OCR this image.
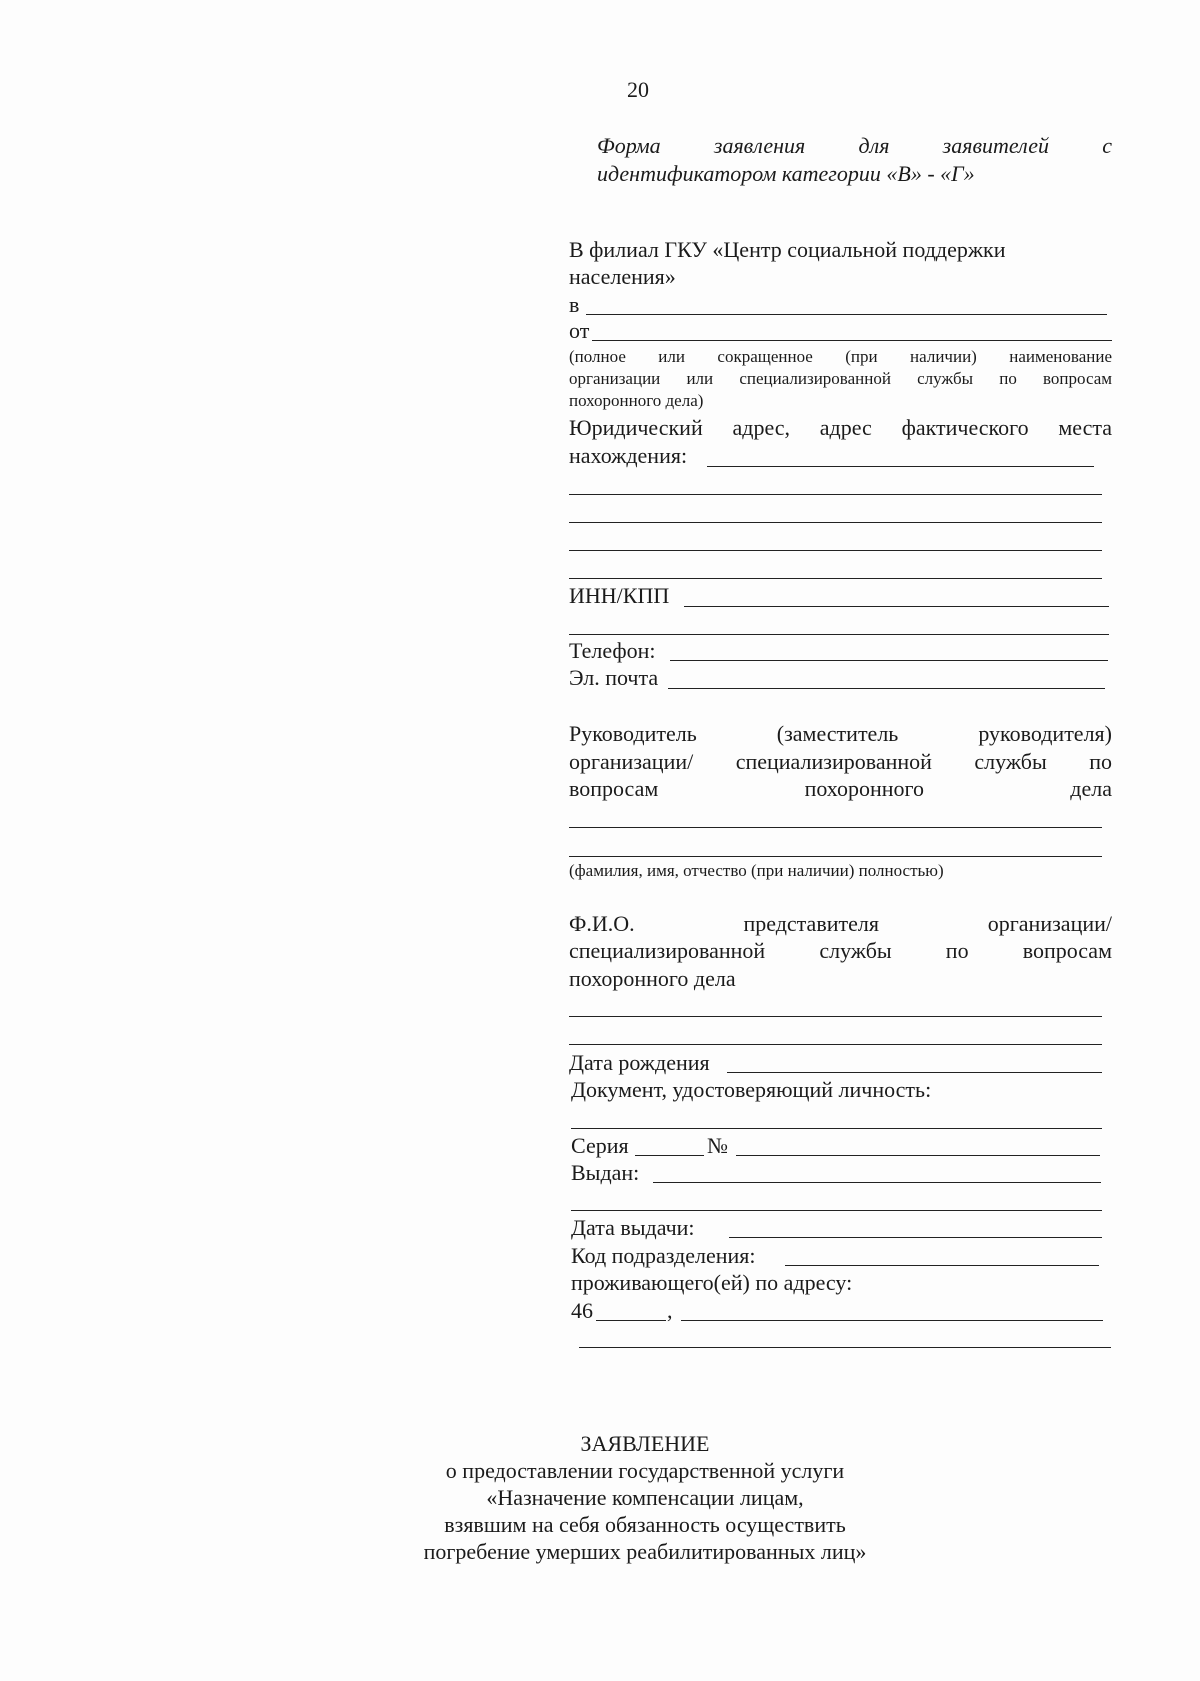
20
Форма заявления для заявителей с
идентификатором категории «В» - «Г»
В филиал ГКУ «Центр социальной поддержки
населения»
в
от
(полное или сокращенное (при наличии) наименование
организации или специализированной службы по вопросам
похоронного дела)
Юридический адрес, адрес фактического места
нахождения:
ИНН/КПП
Телефон:
Эл. почта
Руководитель (заместитель руководителя)
организации/ специализированной службы по
вопросам похоронного дела
(фамилия, имя, отчество (при наличии) полностью)
Ф.И.О. представителя организации/
специализированной службы по вопросам
похоронного дела
Дата рождения
Документ, удостоверяющий личность:
Серия	№
Выдан:
Дата выдачи:
Код подразделения:
проживающего(ей) по адресу:
46	,
ЗАЯВЛЕНИЕ
о предоставлении государственной услуги
«Назначение компенсации лицам,
взявшим на себя обязанность осуществить
погребение умерших реабилитированных лиц»
